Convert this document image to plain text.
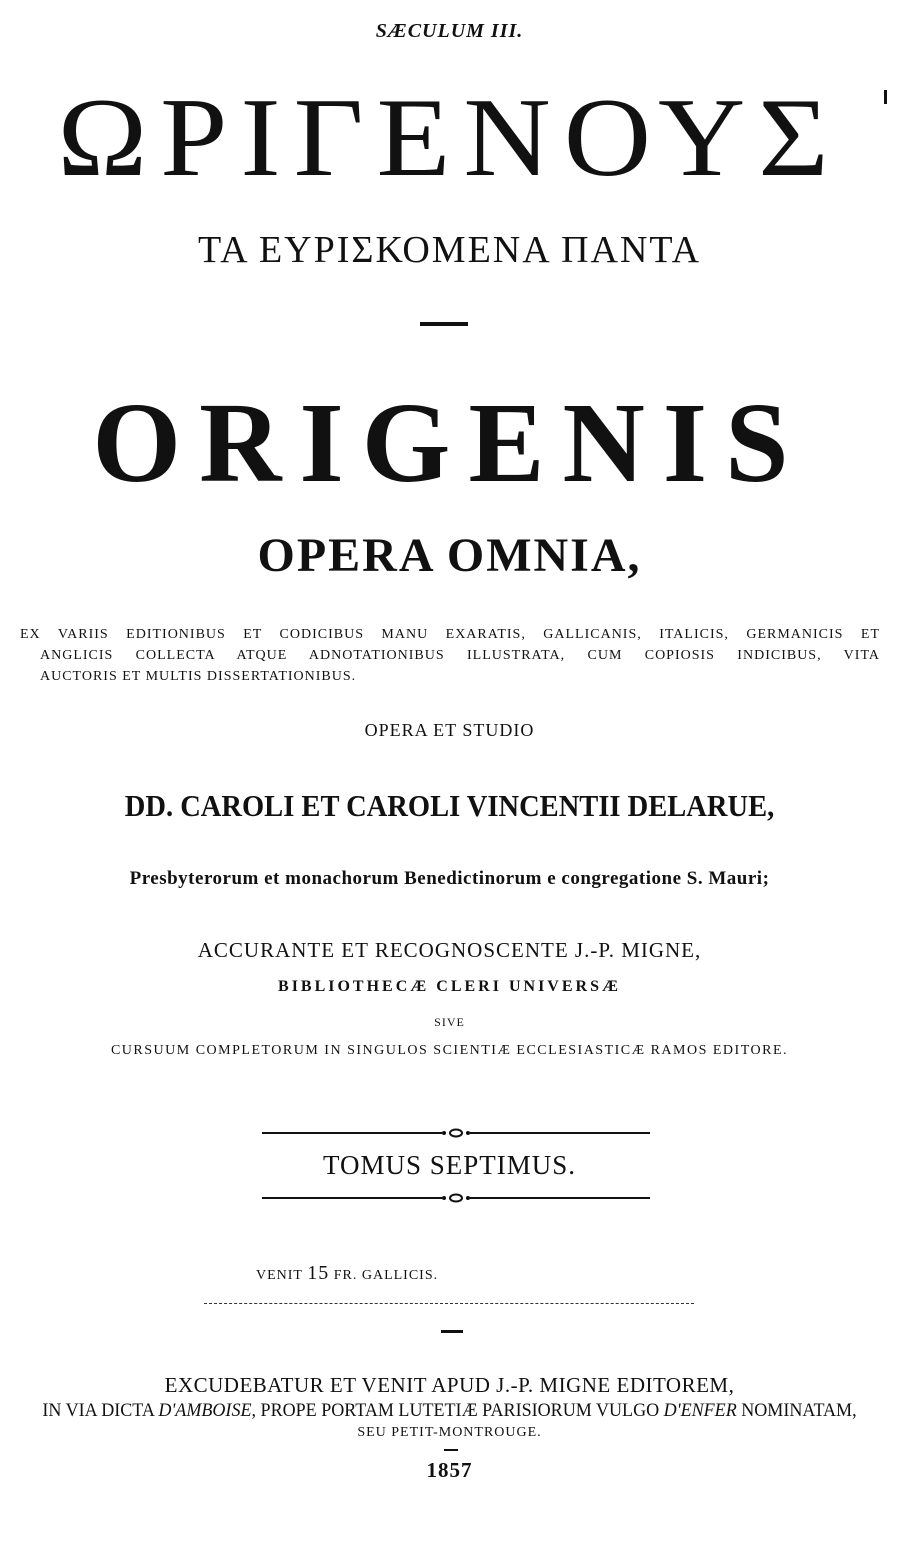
SÆCULUM III.
ΩΡΙΓΕΝΟΥΣ
ΤΑ ΕΥΡΙΣΚΟΜΕΝΑ ΠΑΝΤΑ
ORIGENIS
OPERA OMNIA,
EX VARIIS EDITIONIBUS ET CODICIBUS MANU EXARATIS, GALLICANIS, ITALICIS, GERMANICIS ET
ANGLICIS COLLECTA ATQUE ADNOTATIONIBUS ILLUSTRATA, CUM COPIOSIS INDICIBUS, VITA
AUCTORIS ET MULTIS DISSERTATIONIBUS.
OPERA ET STUDIO
DD. CAROLI ET CAROLI VINCENTII DELARUE,
Presbyterorum et monachorum Benedictinorum e congregatione S. Mauri;
ACCURANTE ET RECOGNOSCENTE J.-P. MIGNE,
BIBLIOTHECÆ CLERI UNIVERSÆ
SIVE
CURSUUM COMPLETORUM IN SINGULOS SCIENTIÆ ECCLESIASTICÆ RAMOS EDITORE.
TOMUS SEPTIMUS.
VENIT 15 FR. GALLICIS.
EXCUDEBATUR ET VENIT APUD J.-P. MIGNE EDITOREM,
IN VIA DICTA D'AMBOISE, PROPE PORTAM LUTETIÆ PARISIORUM VULGO D'ENFER NOMINATAM,
SEU PETIT-MONTROUGE.
1857
